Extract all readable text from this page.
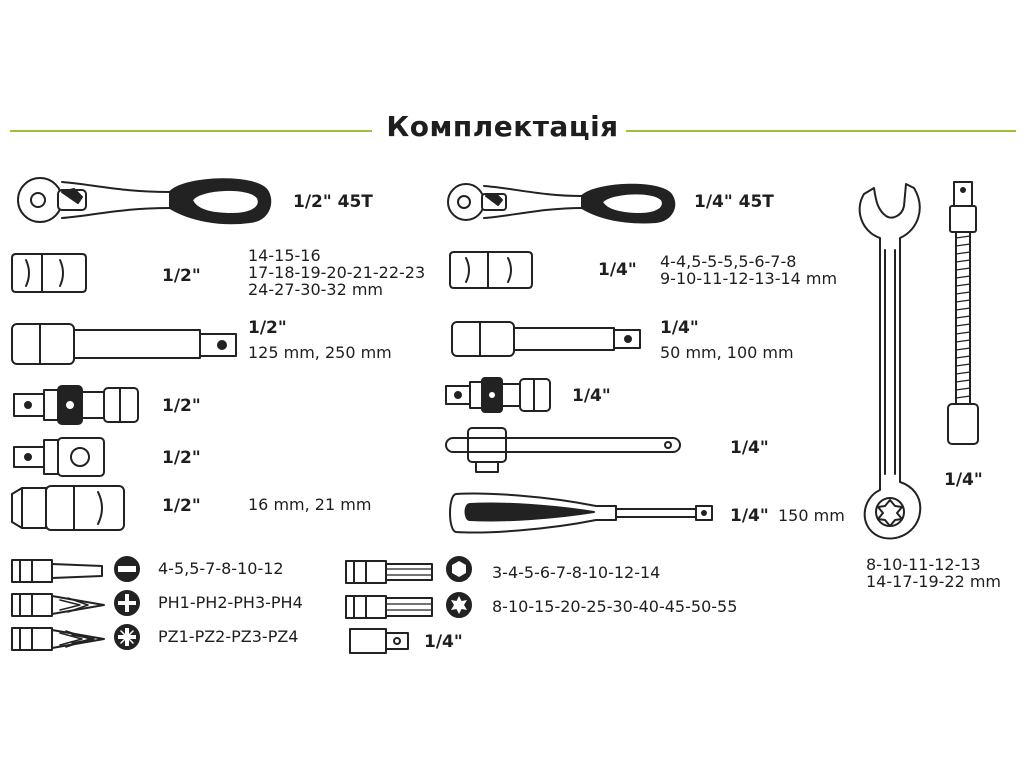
Комплектація
1/2" 45T
1/2"
14-15-16
17-18-19-20-21-22-23
24-27-30-32 mm
1/2"
125 mm, 250 mm
1/2"
1/2"
1/2"	16 mm, 21 mm
1/4" 45T
1/4" 4-4,5-5-5,5-6-7-8
9-10-11-12-13-14 mm
1/4"
50 mm, 100 mm
1/4"
1/4"
1/4" 150 mm
8-10-11-12-13
14-17-19-22 mm
1/4"
4-5,5-7-8-10-12
PH1-PH2-PH3-PH4
PZ1-PZ2-PZ3-PZ4
3-4-5-6-7-8-10-12-14
8-10-15-20-25-30-40-45-50-55
1/4"
